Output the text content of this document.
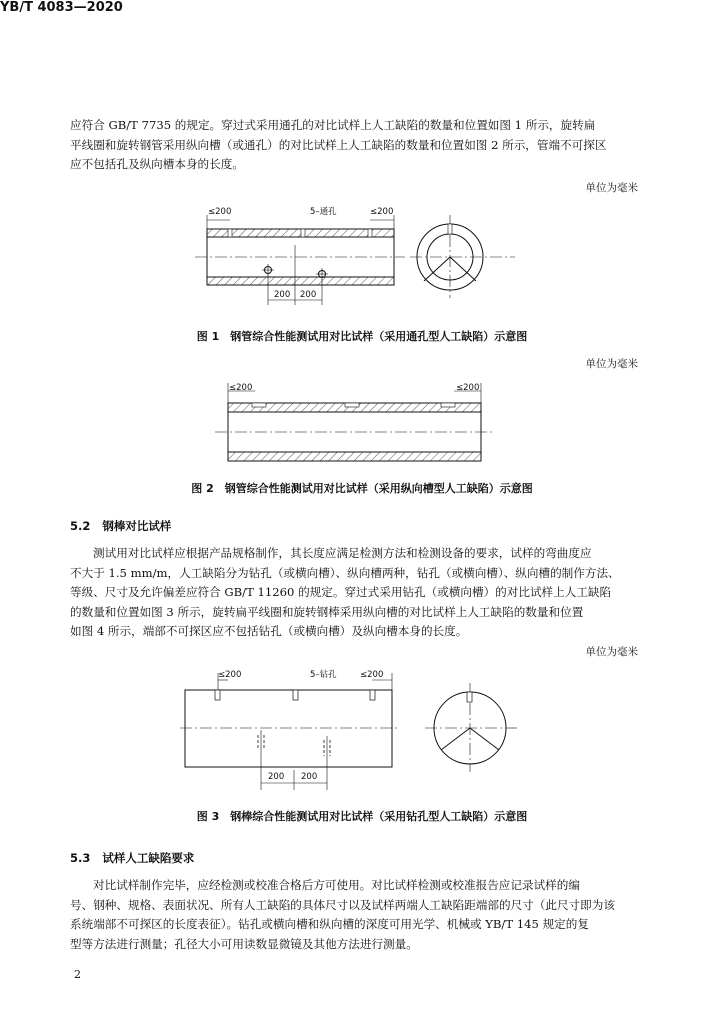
YB/T 4083—2020
应符合 GB/T 7735 的规定。穿过式采用通孔的对比试样上人工缺陷的数量和位置如图 1 所示，旋转扁
平线圈和旋转钢管采用纵向槽（或通孔）的对比试样上人工缺陷的数量和位置如图 2 所示，管端不可探区
应不包括孔及纵向槽本身的长度。
单位为毫米
≤200	5–通孔	≤200
200 200
≤200	≤200
≤200	5–钻孔	≤200
200 200
图 1　钢管综合性能测试用对比试样（采用通孔型人工缺陷）示意图
单位为毫米
图 2　钢管综合性能测试用对比试样（采用纵向槽型人工缺陷）示意图
5.2 钢棒对比试样
测试用对比试样应根据产品规格制作，其长度应满足检测方法和检测设备的要求，试样的弯曲度应
不大于 1.5 mm/m，人工缺陷分为钻孔（或横向槽）、纵向槽两种，钻孔（或横向槽）、纵向槽的制作方法、
等级、尺寸及允许偏差应符合 GB/T 11260 的规定。穿过式采用钻孔（或横向槽）的对比试样上人工缺陷
的数量和位置如图 3 所示，旋转扁平线圈和旋转钢棒采用纵向槽的对比试样上人工缺陷的数量和位置
如图 4 所示，端部不可探区应不包括钻孔（或横向槽）及纵向槽本身的长度。
单位为毫米
图 3　钢棒综合性能测试用对比试样（采用钻孔型人工缺陷）示意图
5.3 试样人工缺陷要求
对比试样制作完毕，应经检测或校准合格后方可使用。对比试样检测或校准报告应记录试样的编
号、钢种、规格、表面状况、所有人工缺陷的具体尺寸以及试样两端人工缺陷距端部的尺寸（此尺寸即为该
系统端部不可探区的长度表征）。钻孔或横向槽和纵向槽的深度可用光学、机械或 YB/T 145 规定的复
型等方法进行测量；孔径大小可用读数显微镜及其他方法进行测量。
2
